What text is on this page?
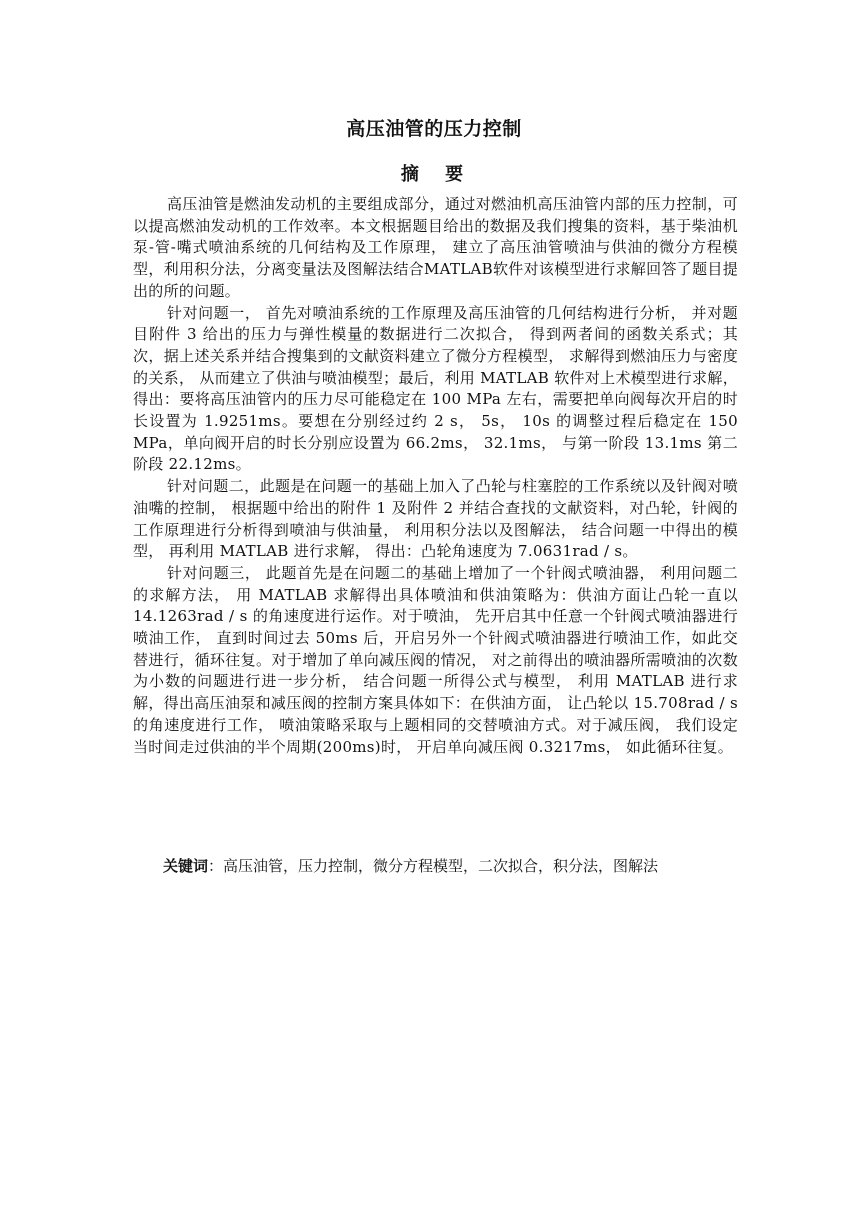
高压油管的压力控制
摘 要

高压油管是燃油发动机的主要组成部分，通过对燃油机高压油管内部的压力控制，可以提高燃油发动机的工作效率。本文根据题目给出的数据及我们搜集的资料，基于柴油机泵-管-嘴式喷油系统的几何结构及工作原理， 建立了高压油管喷油与供油的微分方程模型，利用积分法，分离变量法及图解法结合MATLAB软件对该模型进行求解回答了题目提出的所的问题。

针对问题一， 首先对喷油系统的工作原理及高压油管的几何结构进行分析， 并对题目附件 3 给出的压力与弹性模量的数据进行二次拟合， 得到两者间的函数关系式；其次，据上述关系并结合搜集到的文献资料建立了微分方程模型， 求解得到燃油压力与密度的关系， 从而建立了供油与喷油模型；最后，利用 MATLAB 软件对上术模型进行求解， 得出：要将高压油管内的压力尽可能稳定在 100 MPa 左右，需要把单向阀每次开启的时长设置为 1.9251ms。要想在分别经过约 2 s， 5s， 10s 的调整过程后稳定在 150 MPa，单向阀开启的时长分别应设置为 66.2ms， 32.1ms， 与第一阶段 13.1ms 第二阶段 22.12ms。

针对问题二，此题是在问题一的基础上加入了凸轮与柱塞腔的工作系统以及针阀对喷油嘴的控制， 根据题中给出的附件 1 及附件 2 并结合查找的文献资料，对凸轮，针阀的工作原理进行分析得到喷油与供油量， 利用积分法以及图解法， 结合问题一中得出的模型， 再利用 MATLAB 进行求解， 得出：凸轮角速度为 7.0631rad / s。

针对问题三， 此题首先是在问题二的基础上增加了一个针阀式喷油器， 利用问题二的求解方法， 用 MATLAB 求解得出具体喷油和供油策略为：供油方面让凸轮一直以 14.1263rad / s 的角速度进行运作。对于喷油， 先开启其中任意一个针阀式喷油器进行喷油工作， 直到时间过去 50ms 后，开启另外一个针阀式喷油器进行喷油工作，如此交替进行，循环往复。对于增加了单向减压阀的情况， 对之前得出的喷油器所需喷油的次数为小数的问题进行进一步分析， 结合问题一所得公式与模型， 利用 MATLAB 进行求解，得出高压油泵和减压阀的控制方案具体如下：在供油方面， 让凸轮以 15.708rad / s 的角速度进行工作， 喷油策略采取与上题相同的交替喷油方式。对于减压阀， 我们设定当时间走过供油的半个周期(200ms)时， 开启单向减压阀 0.3217ms， 如此循环往复。

关键词：高压油管，压力控制，微分方程模型，二次拟合，积分法，图解法
